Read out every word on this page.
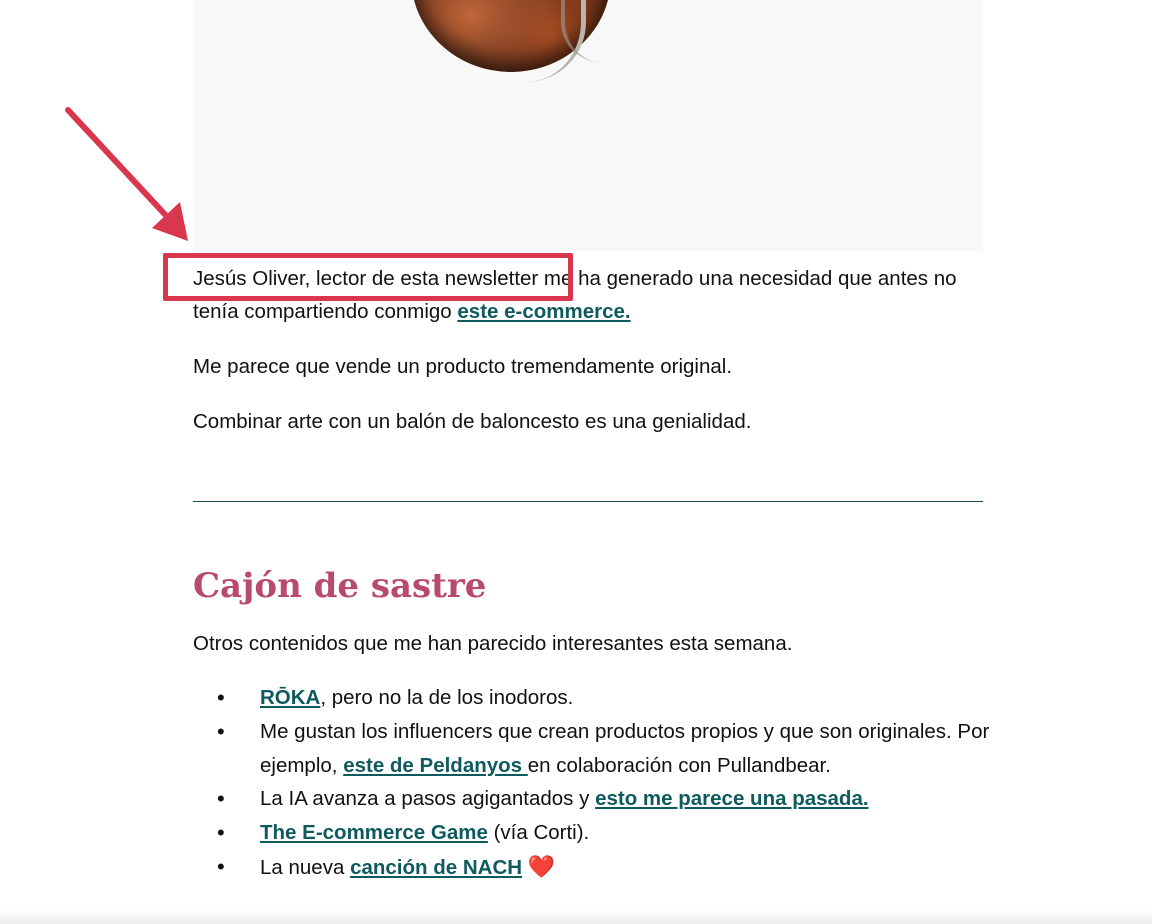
Jesús Oliver, lector de esta newsletter me ha generado una necesidad que antes no tenía compartiendo conmigo este e-commerce.

Me parece que vende un producto tremendamente original.

Combinar arte con un balón de baloncesto es una genialidad.

Cajón de sastre

Otros contenidos que me han parecido interesantes esta semana.

• RŌKA, pero no la de los inodoros.
• Me gustan los influencers que crean productos propios y que son originales. Por ejemplo, este de Peldanyos en colaboración con Pullandbear.
• La IA avanza a pasos agigantados y esto me parece una pasada.
• The E-commerce Game (vía Corti).
• La nueva canción de NACH ❤️
